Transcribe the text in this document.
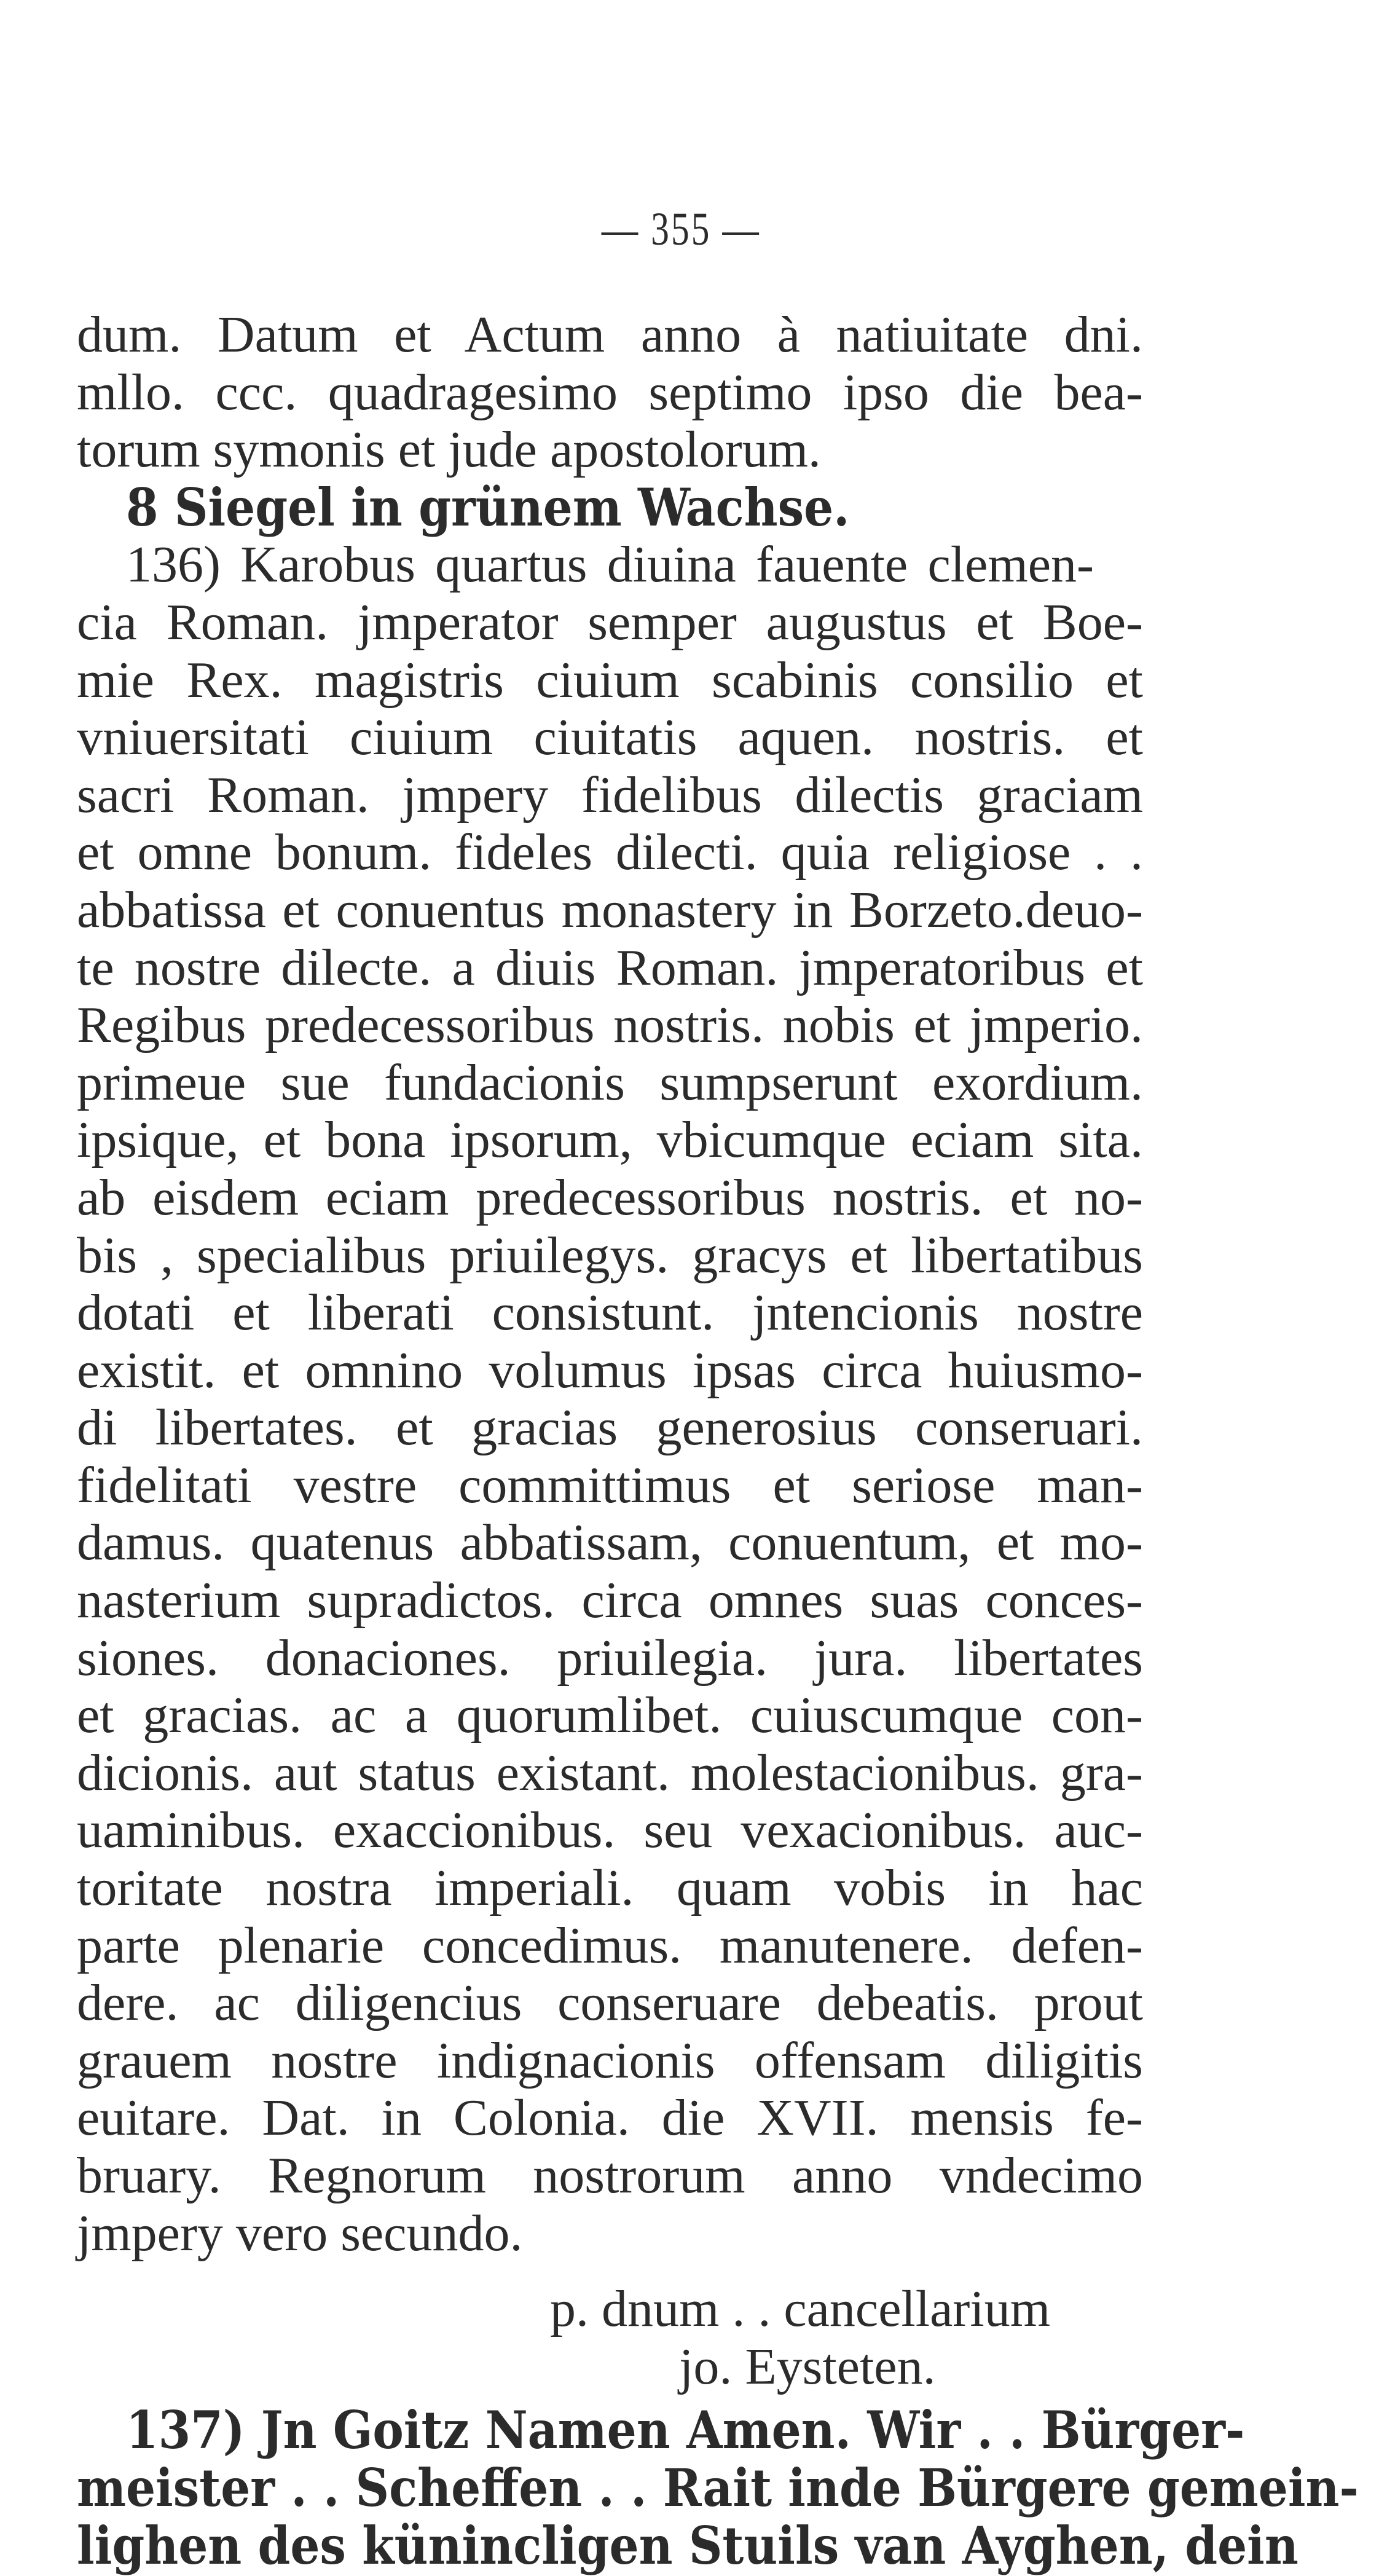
— 355 —
dum. Datum et Actum anno à natiuitate dni.
mllo. ccc. quadragesimo septimo ipso die bea-
torum symonis et jude apostolorum.
8 Siegel in grünem Wachse.
136) Karobus quartus diuina fauente clemen-
cia Roman. jmperator semper augustus et Boe-
mie Rex. magistris ciuium scabinis consilio et
vniuersitati ciuium ciuitatis aquen. nostris. et
sacri Roman. jmpery fidelibus dilectis graciam
et omne bonum. fideles dilecti. quia religiose . .
abbatissa et conuentus monastery in Borzeto.deuo-
te nostre dilecte. a diuis Roman. jmperatoribus et
Regibus predecessoribus nostris. nobis et jmperio.
primeue sue fundacionis sumpserunt exordium.
ipsique, et bona ipsorum, vbicumque eciam sita.
ab eisdem eciam predecessoribus nostris. et no-
bis , specialibus priuilegys. gracys et libertatibus
dotati et liberati consistunt. jntencionis nostre
existit. et omnino volumus ipsas circa huiusmo-
di libertates. et gracias generosius conseruari.
fidelitati vestre committimus et seriose man-
damus. quatenus abbatissam, conuentum, et mo-
nasterium supradictos. circa omnes suas conces-
siones. donaciones. priuilegia. jura. libertates
et gracias. ac a quorumlibet. cuiuscumque con-
dicionis. aut status existant. molestacionibus. gra-
uaminibus. exaccionibus. seu vexacionibus. auc-
toritate nostra imperiali. quam vobis in hac
parte plenarie concedimus. manutenere. defen-
dere. ac diligencius conseruare debeatis. prout
grauem nostre indignacionis offensam diligitis
euitare. Dat. in Colonia. die XVII. mensis fe-
bruary. Regnorum nostrorum anno vndecimo
jmpery vero secundo.
p. dnum . . cancellarium
jo. Eysteten.
137) Jn Goitz Namen Amen. Wir . . Bürger-
meister . . Scheffen . . Rait inde Bürgere gemein-
lighen des künincligen Stuils van Ayghen, dein
